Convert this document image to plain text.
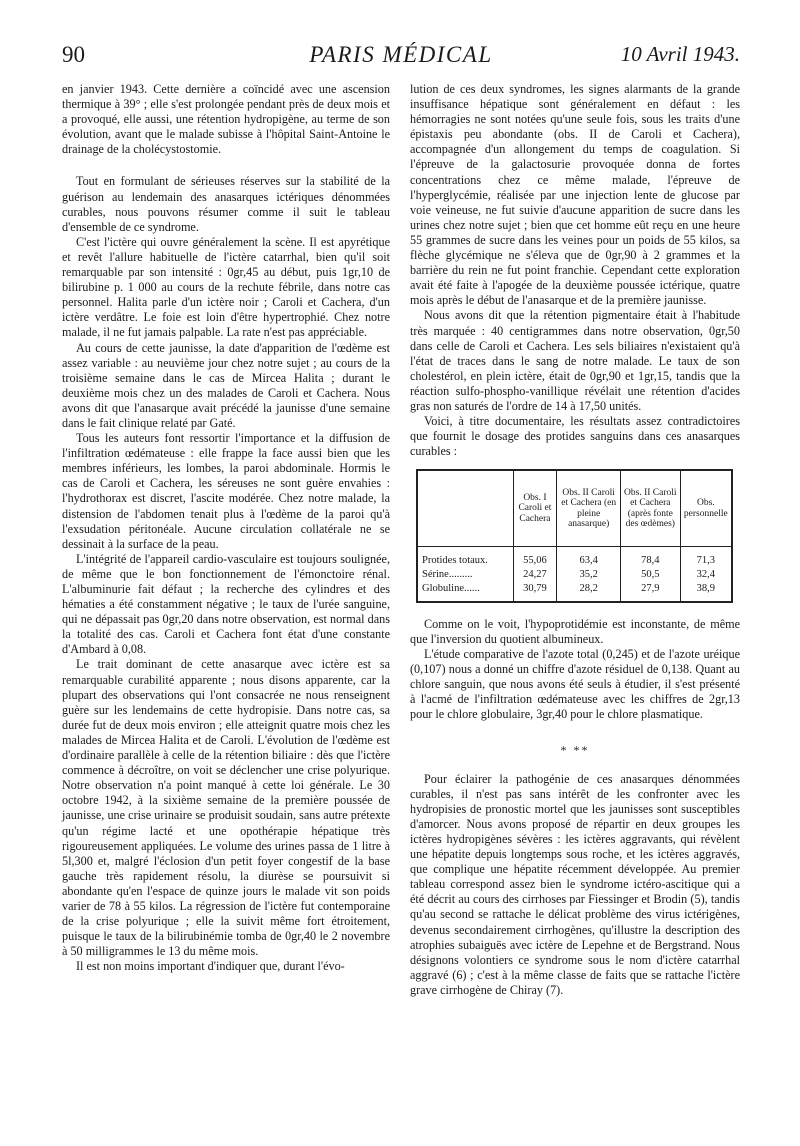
90	PARIS MÉDICAL	10 Avril 1943.

en janvier 1943. Cette dernière a coïncidé avec une ascension thermique à 39° ; elle s'est prolongée pendant près de deux mois et a provoqué, elle aussi, une rétention hydropigène, au terme de son évolution, avant que le malade subisse à l'hôpital Saint-Antoine le drainage de la cholécystostomie.

Tout en formulant de sérieuses réserves sur la stabilité de la guérison au lendemain des anasarques ictériques dénommées curables, nous pouvons résumer comme il suit le tableau d'ensemble de ce syndrome.

C'est l'ictère qui ouvre généralement la scène. Il est apyrétique et revêt l'allure habituelle de l'ictère catarrhal, bien qu'il soit remarquable par son intensité : 0gr,45 au début, puis 1gr,10 de bilirubine p. 1 000 au cours de la rechute fébrile, dans notre cas personnel. Halita parle d'un ictère noir ; Caroli et Cachera, d'un ictère verdâtre. Le foie est loin d'être hypertrophié. Chez notre malade, il ne fut jamais palpable. La rate n'est pas appréciable.

Au cours de cette jaunisse, la date d'apparition de l'œdème est assez variable : au neuvième jour chez notre sujet ; au cours de la troisième semaine dans le cas de Mircea Halita ; durant le deuxième mois chez un des malades de Caroli et Cachera. Nous avons dit que l'anasarque avait précédé la jaunisse d'une semaine dans le fait clinique relaté par Gaté.

Tous les auteurs font ressortir l'importance et la diffusion de l'infiltration œdémateuse : elle frappe la face aussi bien que les membres inférieurs, les lombes, la paroi abdominale. Hormis le cas de Caroli et Cachera, les séreuses ne sont guère envahies : l'hydrothorax est discret, l'ascite modérée. Chez notre malade, la distension de l'abdomen tenait plus à l'œdème de la paroi qu'à l'exsudation péritonéale. Aucune circulation collatérale ne se dessinait à la surface de la peau.

L'intégrité de l'appareil cardio-vasculaire est toujours soulignée, de même que le bon fonctionnement de l'émonctoire rénal. L'albuminurie fait défaut ; la recherche des cylindres et des hématies a été constamment négative ; le taux de l'urée sanguine, qui ne dépassait pas 0gr,20 dans notre observation, est normal dans la totalité des cas. Caroli et Cachera font état d'une constante d'Ambard à 0,08.

Le trait dominant de cette anasarque avec ictère est sa remarquable curabilité apparente ; nous disons apparente, car la plupart des observations qui l'ont consacrée ne nous renseignent guère sur les lendemains de cette hydropisie. Dans notre cas, sa durée fut de deux mois environ ; elle atteignit quatre mois chez les malades de Mircea Halita et de Caroli. L'évolution de l'œdème est d'ordinaire parallèle à celle de la rétention biliaire : dès que l'ictère commence à décroître, on voit se déclencher une crise polyurique. Notre observation n'a point manqué à cette loi générale. Le 30 octobre 1942, à la sixième semaine de la première poussée de jaunisse, une crise urinaire se produisit soudain, sans autre prétexte qu'un régime lacté et une opothérapie hépatique très rigoureusement appliquées. Le volume des urines passa de 1 litre à 5l,300 et, malgré l'éclosion d'un petit foyer congestif de la base gauche très rapidement résolu, la diurèse se poursuivit si abondante qu'en l'espace de quinze jours le malade vit son poids varier de 78 à 55 kilos. La régression de l'ictère fut contemporaine de la crise polyurique ; elle la suivit même fort étroitement, puisque le taux de la bilirubinémie tomba de 0gr,40 le 2 novembre à 50 milligrammes le 13 du même mois.

Il est non moins important d'indiquer que, durant l'évo-

lution de ces deux syndromes, les signes alarmants de la grande insuffisance hépatique sont généralement en défaut : les hémorragies ne sont notées qu'une seule fois, sous les traits d'une épistaxis peu abondante (obs. II de Caroli et Cachera), accompagnée d'un allongement du temps de coagulation. Si l'épreuve de la galactosurie provoquée donna de fortes concentrations chez ce même malade, l'épreuve de l'hyperglycémie, réalisée par une injection lente de glucose par voie veineuse, ne fut suivie d'aucune apparition de sucre dans les urines chez notre sujet ; bien que cet homme eût reçu en une heure 55 grammes de sucre dans les veines pour un poids de 55 kilos, sa flèche glycémique ne s'éleva que de 0gr,90 à 2 grammes et la barrière du rein ne fut point franchie. Cependant cette exploration avait été faite à l'apogée de la deuxième poussée ictérique, quatre mois après le début de l'anasarque et de la première jaunisse.

Nous avons dit que la rétention pigmentaire était à l'habitude très marquée : 40 centigrammes dans notre observation, 0gr,50 dans celle de Caroli et Cachera. Les sels biliaires n'existaient qu'à l'état de traces dans le sang de notre malade. Le taux de son cholestérol, en plein ictère, était de 0gr,90 et 1gr,15, tandis que la réaction sulfo-phospho-vanillique révélait une rétention d'acides gras non saturés de l'ordre de 14 à 17,50 unités.

Voici, à titre documentaire, les résultats assez contradictoires que fournit le dosage des protides sanguins dans ces anasarques curables :

	Obs. I Caroli et Cachera	Obs. II Caroli et Cachera (en pleine anasarque)	Obs. II Caroli et Cachera (après fonte des œdèmes)	Obs. personnelle
Protides totaux.	55,06	63,4	78,4	71,3
Sérine.........	24,27	35,2	50,5	32,4
Globuline......	30,79	28,2	27,9	38,9

Comme on le voit, l'hypoprotidémie est inconstante, de même que l'inversion du quotient albumineux.

L'étude comparative de l'azote total (0,245) et de l'azote uréique (0,107) nous a donné un chiffre d'azote résiduel de 0,138. Quant au chlore sanguin, que nous avons été seuls à étudier, il s'est présenté à l'acmé de l'infiltration œdémateuse avec les chiffres de 2gr,13 pour le chlore globulaire, 3gr,40 pour le chlore plasmatique.

* **

Pour éclairer la pathogénie de ces anasarques dénommées curables, il n'est pas sans intérêt de les confronter avec les hydropisies de pronostic mortel que les jaunisses sont susceptibles d'amorcer. Nous avons proposé de répartir en deux groupes les ictères hydropigènes sévères : les ictères aggravants, qui révèlent une hépatite depuis longtemps sous roche, et les ictères aggravés, que complique une hépatite récemment développée. Au premier tableau correspond assez bien le syndrome ictéro-ascitique qui a été décrit au cours des cirrhoses par Fiessinger et Brodin (5), tandis qu'au second se rattache le délicat problème des virus ictérigènes, devenus secondairement cirrhogènes, qu'illustre la description des atrophies subaiguës avec ictère de Lepehne et de Bergstrand. Nous désignons volontiers ce syndrome sous le nom d'ictère catarrhal aggravé (6) ; c'est à la même classe de faits que se rattache l'ictère grave cirrhogène de Chiray (7).
